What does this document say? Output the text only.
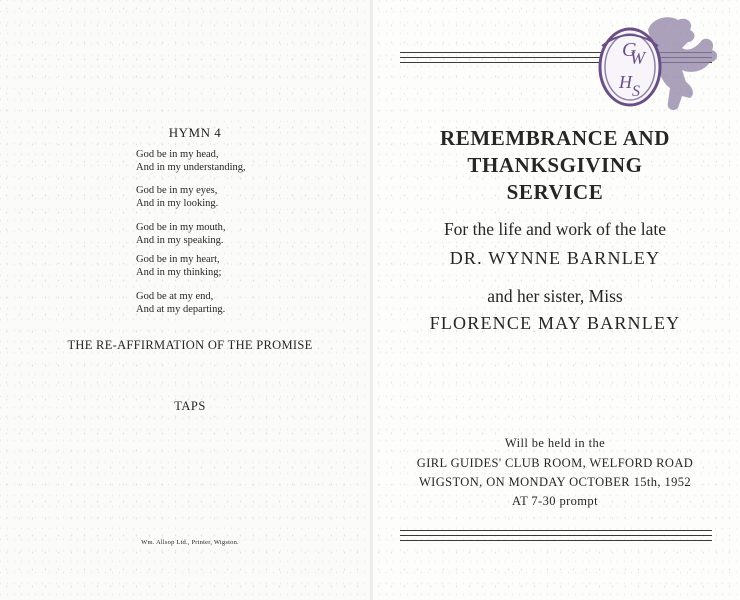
HYMN 4
God be in my head,
And in my understanding,
God be in my eyes,
And in my looking.
God be in my mouth,
And in my speaking.
God be in my heart,
And in my thinking;
God be at my end,
And at my departing.
THE RE-AFFIRMATION OF THE PROMISE
TAPS
Wm. Allsop Ltd., Printer, Wigston.
G
W
H S
REMEMBRANCE AND
THANKSGIVING
SERVICE
For the life and work of the late
DR. WYNNE BARNLEY
and her sister, Miss
FLORENCE MAY BARNLEY
Will be held in the
GIRL GUIDES' CLUB ROOM, WELFORD ROAD
WIGSTON, ON MONDAY OCTOBER 15th, 1952
AT 7-30 prompt
